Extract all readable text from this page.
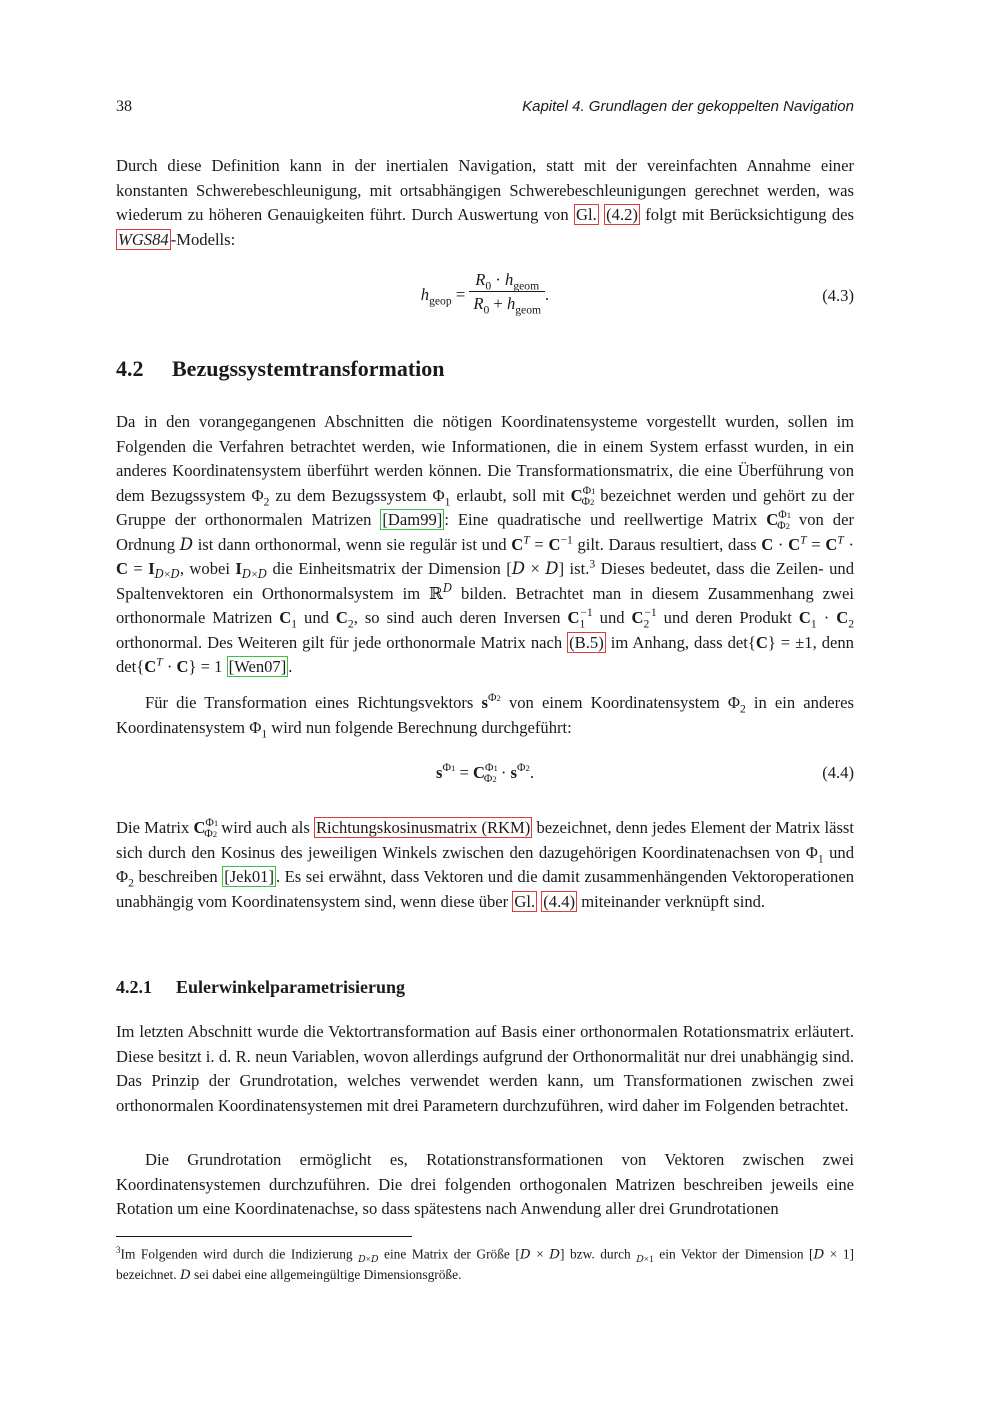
38	Kapitel 4. Grundlagen der gekoppelten Navigation

Durch diese Definition kann in der inertialen Navigation, statt mit der vereinfachten Annahme einer konstanten Schwerebeschleunigung, mit ortsabhängigen Schwerebeschleunigungen gerechnet werden, was wiederum zu höheren Genauigkeiten führt. Durch Auswertung von Gl. (4.2) folgt mit Berücksichtigung des WGS84 -Modells:

$h_{geop} = \frac{R_0 \cdot h_{geom}}{R_0 + h_{geom}}$ .	(4.3)
4.2 Bezugssystemtransformation

Da in den vorangegangenen Abschnitten die nötigen Koordinatensysteme vorgestellt wurden, sollen im Folgenden die Verfahren betrachtet werden, wie Informationen, die in einem System erfasst wurden, in ein anderes Koordinatensystem überführt werden können. Die Transformationsmatrix, die eine Überführung von dem Bezugssystem $\Phi_2$ zu dem Bezugssystem $\Phi_1$ erlaubt, soll mit $C^{\Phi 1}_{\Phi 2}$ bezeichnet werden und gehört zu der Gruppe der orthonormalen Matrizen [Dam99] : Eine quadratische und reellwertige Matrix $C^{\Phi 1}_{\Phi 2}$ von der Ordnung D ist dann orthonormal, wenn sie regulär ist und $C^T = C^{-1}$ gilt. Daraus resultiert, dass $C \cdot C^T = C^T \cdot C = I_{D\times D}$, wobei $I_{D\times D}$ die Einheitsmatrix der Dimension [D × D] ist.$^3$ Dieses bedeutet, dass die Zeilen- und Spaltenvektoren ein Orthonormalsystem im ℝ$^D$ bilden. Betrachtet man in diesem Zusammenhang zwei orthonormale Matrizen $C_1$ und $C_2$, so sind auch deren Inversen $C_1^{-1}$ und $C_2^{-1}$ und deren Produkt $C_1 \cdot C_2$ orthonormal. Des Weiteren gilt für jede orthonormale Matrix nach (B.5) im Anhang, dass det{C} = ±1, denn $\det\{C^T \cdot C\} = 1$ [Wen07] .

Für die Transformation eines Richtungsvektors $s^{\Phi 2}$ von einem Koordinatensystem $\Phi_2$ in ein anderes Koordinatensystem $\Phi_1$ wird nun folgende Berechnung durchgeführt:

$s^{\Phi 1} = C^{\Phi 1}_{\Phi 2} \cdot s^{\Phi 2}$.	(4.4)

Die Matrix $C^{\Phi 1}_{\Phi 2}$ wird auch als Richtungskosinusmatrix (RKM) bezeichnet, denn jedes Element der Matrix lässt sich durch den Kosinus des jeweiligen Winkels zwischen den dazugehörigen Koordinatenachsen von $\Phi_1$ und $\Phi_2$ beschreiben [Jek01] . Es sei erwähnt, dass Vektoren und die damit zusammenhängenden Vektoroperationen unabhängig vom Koordinatensystem sind, wenn diese über Gl. (4.4) miteinander verknüpft sind.

4.2.1 Eulerwinkelparametrisierung

Im letzten Abschnitt wurde die Vektortransformation auf Basis einer orthonormalen Rotationsmatrix erläutert. Diese besitzt i. d. R. neun Variablen, wovon allerdings aufgrund der Orthonormalität nur drei unabhängig sind. Das Prinzip der Grundrotation, welches verwendet werden kann, um Transformationen zwischen zwei orthonormalen Koordinatensystemen mit drei Parametern durchzuführen, wird daher im Folgenden betrachtet.

Die Grundrotation ermöglicht es, Rotationstransformationen von Vektoren zwischen zwei Koordinatensystemen durchzuführen. Die drei folgenden orthogonalen Matrizen beschreiben jeweils eine Rotation um eine Koordinatenachse, so dass spätestens nach Anwendung aller drei Grundrotationen

$^3$Im Folgenden wird durch die Indizierung $_{D\times D}$ eine Matrix der Größe [D × D] bzw. durch $_{D\times 1}$ ein Vektor der Dimension [D × 1] bezeichnet. D sei dabei eine allgemeingültige Dimensionsgröße.
